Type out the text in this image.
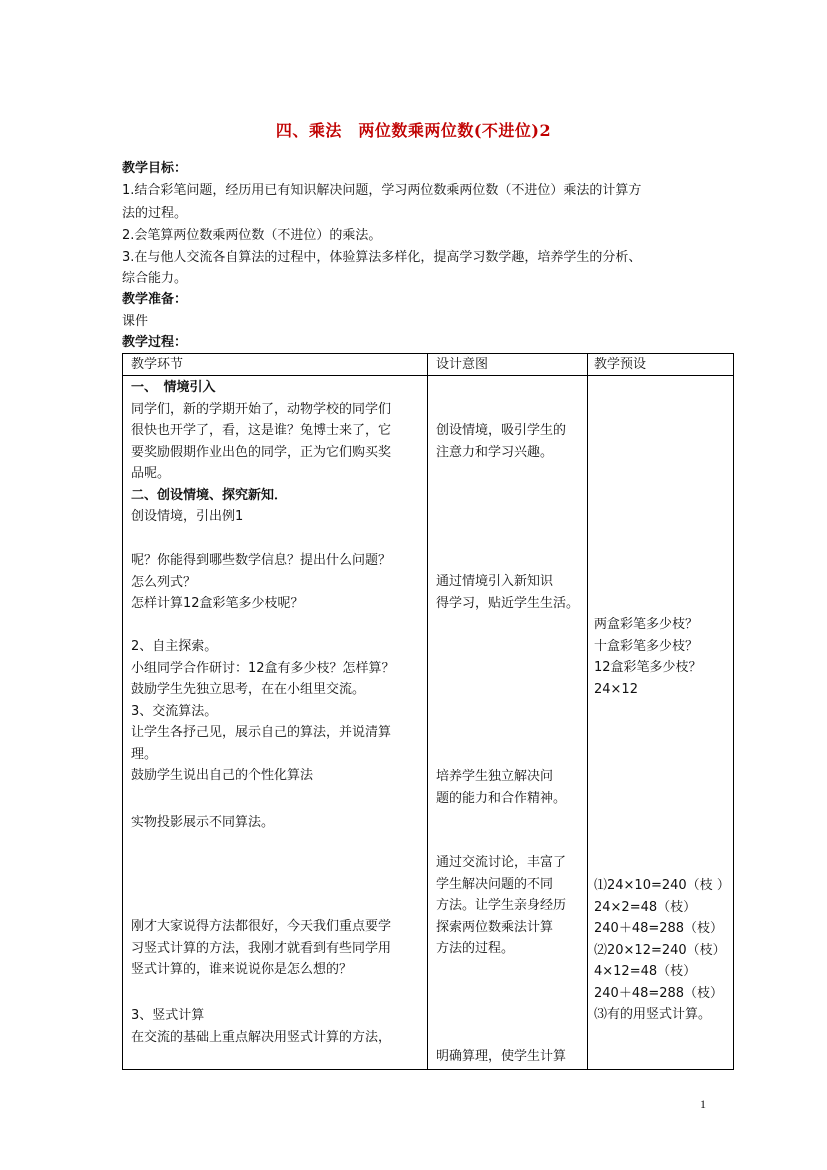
四、乘法　两位数乘两位数(不进位)2
教学目标：
1.结合彩笔问题，经历用已有知识解决问题，学习两位数乘两位数（不进位）乘法的计算方
法的过程。
2.会笔算两位数乘两位数（不进位）的乘法。
3.在与他人交流各自算法的过程中，体验算法多样化，提高学习数学趣，培养学生的分析、
综合能力。
教学准备：
课件
教学过程：
教学环节	设计意图	教学预设
一、　情境引入
同学们，新的学期开始了，动物学校的同学们
很快也开学了，看，这是谁？兔博士来了，它
要奖励假期作业出色的同学，正为它们购买奖
品呢。
二、创设情境、探究新知．
创设情境，引出例1
呢？你能得到哪些数学信息？提出什么问题？
怎么列式？
怎样计算12盒彩笔多少枝呢？
2、自主探索。
小组同学合作研讨：12盒有多少枝？怎样算？
鼓励学生先独立思考，在在小组里交流。
3、交流算法。
让学生各抒己见，展示自己的算法，并说清算
理。
鼓励学生说出自己的个性化算法
实物投影展示不同算法。
刚才大家说得方法都很好，今天我们重点要学
习竖式计算的方法，我刚才就看到有些同学用
竖式计算的，谁来说说你是怎么想的？
3、竖式计算
在交流的基础上重点解决用竖式计算的方法，
创设情境，吸引学生的
注意力和学习兴趣。
通过情境引入新知识
得学习，贴近学生生活。
培养学生独立解决问
题的能力和合作精神。
通过交流讨论，丰富了
学生解决问题的不同
方法。让学生亲身经历
探索两位数乘法计算
方法的过程。
明确算理，使学生计算
两盒彩笔多少枝？
十盒彩笔多少枝？
12盒彩笔多少枝？
24×12
⑴24×10=240（枝 ）
24×2=48（枝）
240＋48=288（枝）
⑵20×12=240（枝）
4×12=48（枝）
240＋48=288（枝）
⑶有的用竖式计算。
1
